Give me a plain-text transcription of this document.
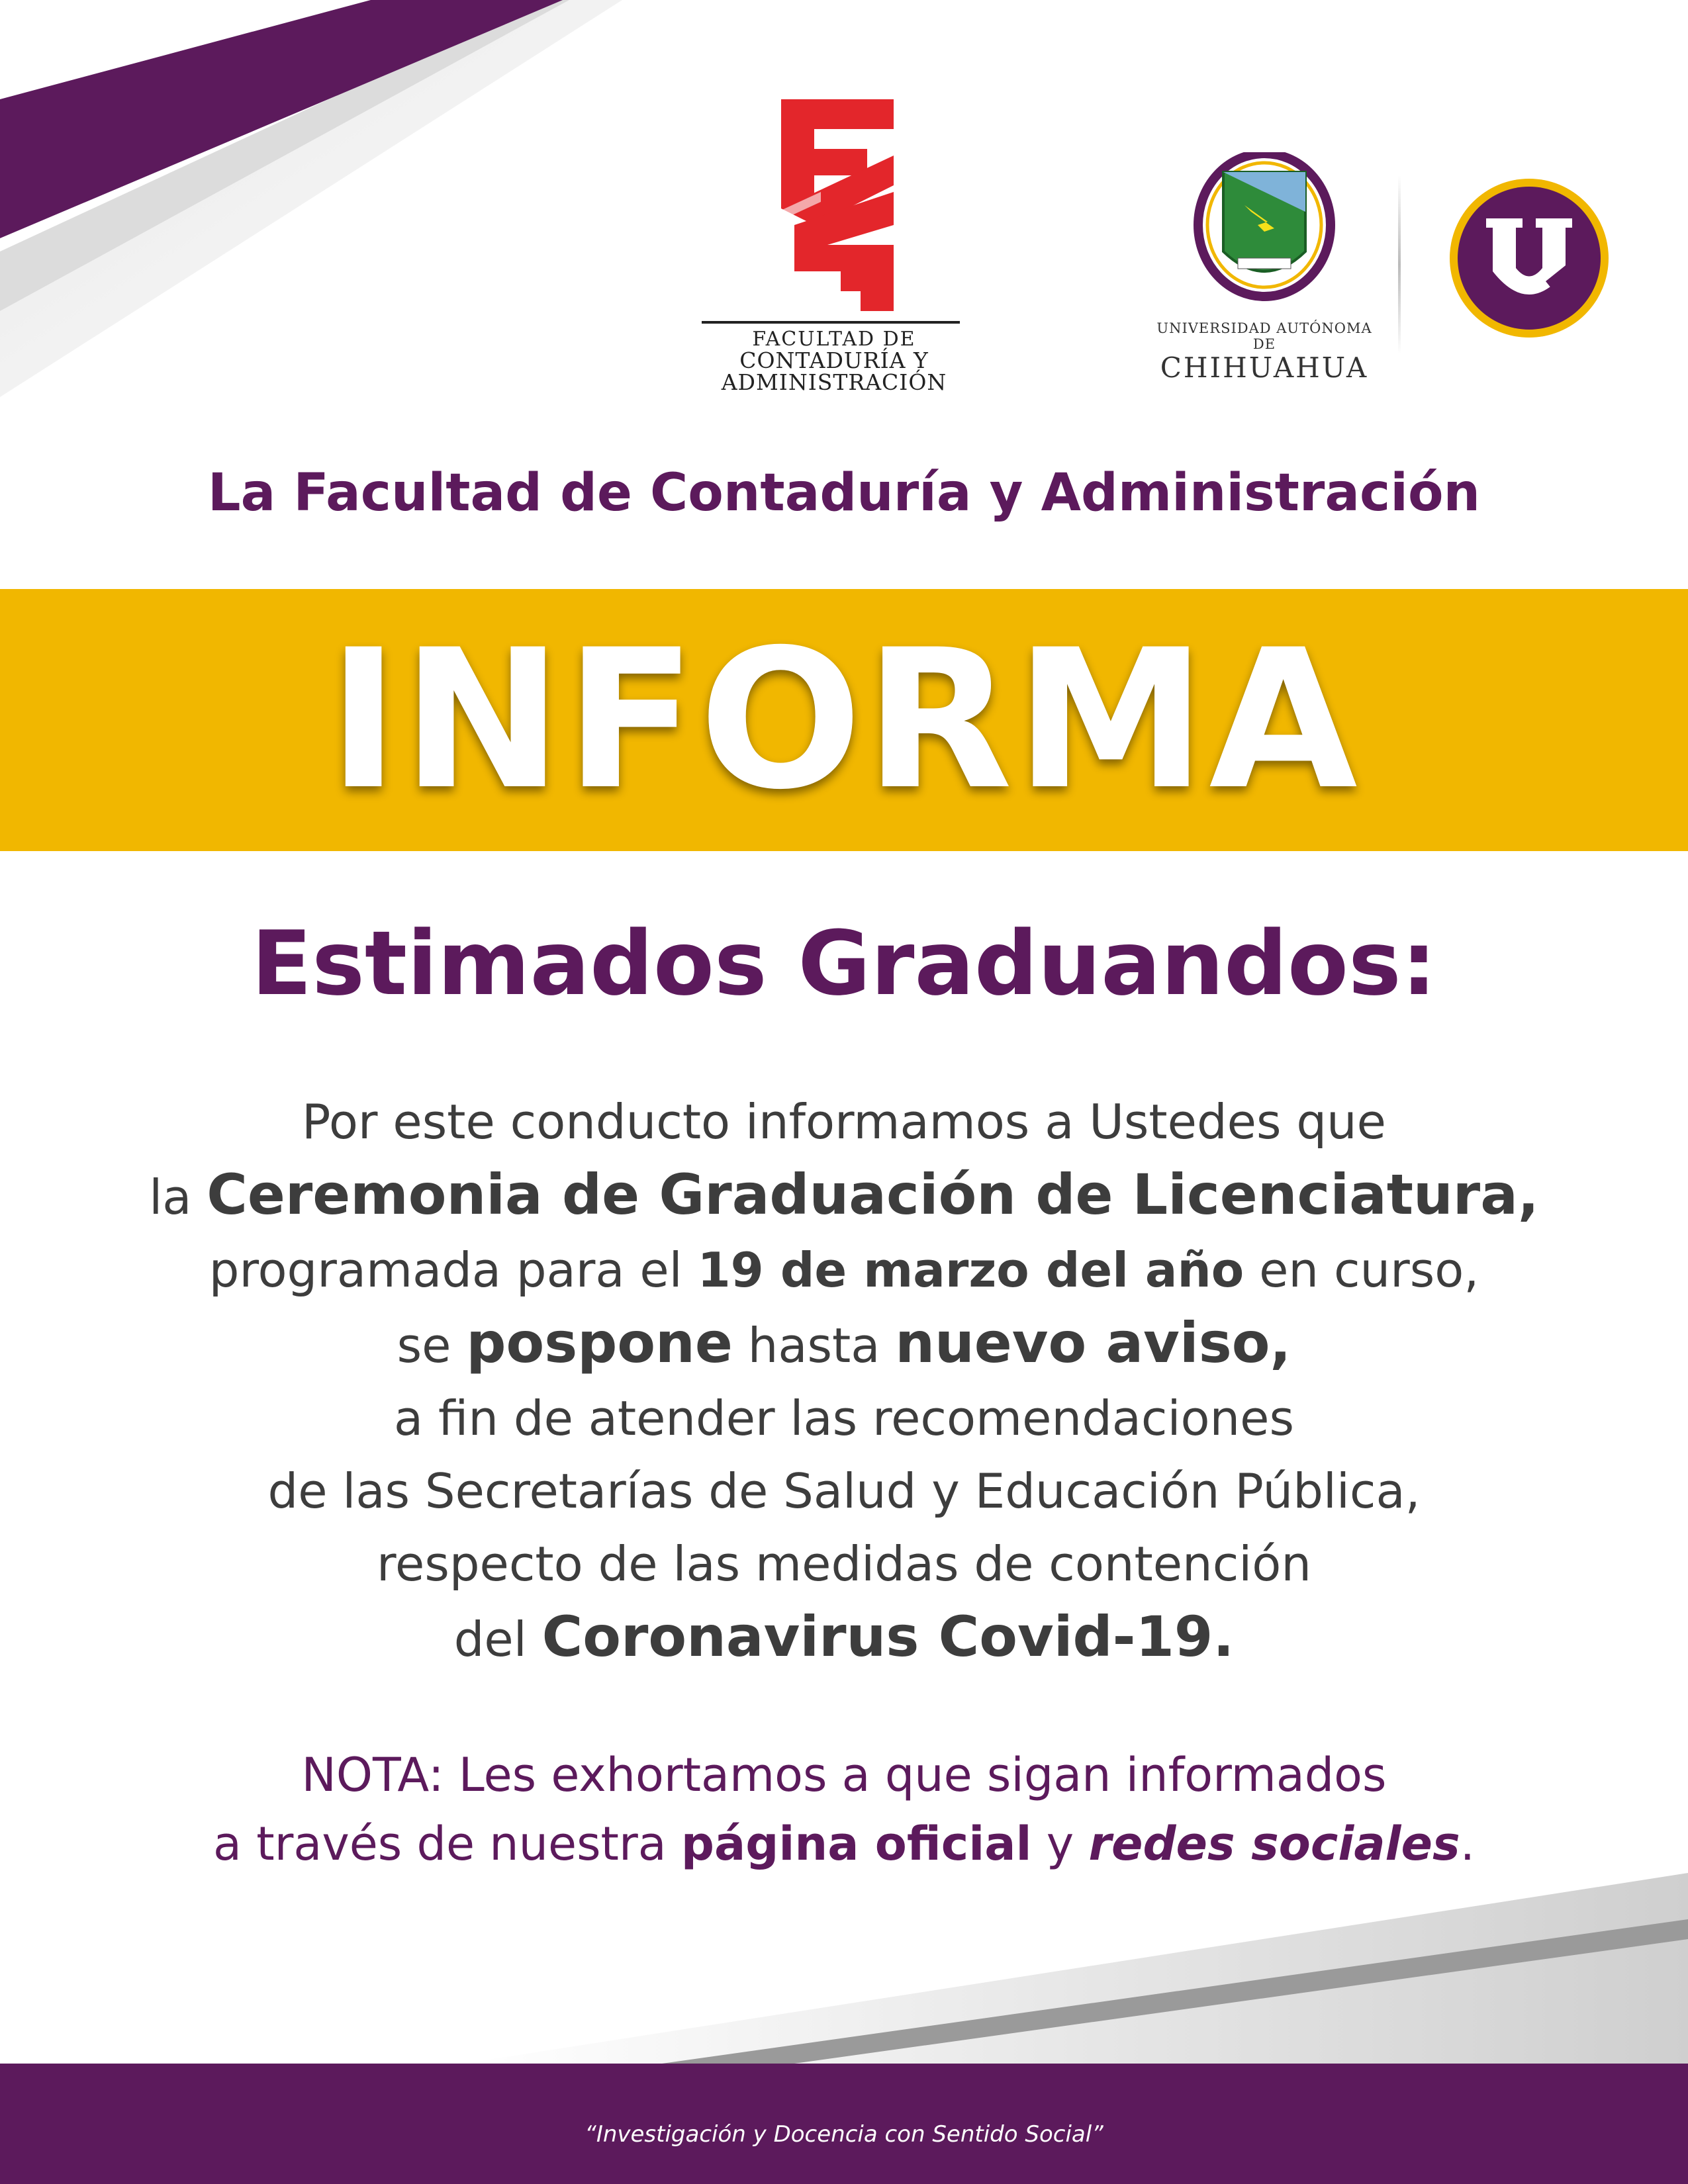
FACULTAD DE
CONTADURÍA Y
ADMINISTRACIÓN
UNIVERSIDAD AUTÓNOMA DE
CHIHUAHUA
La Facultad de Contaduría y Administración
INFORMA
Estimados Graduandos:
Por este conducto informamos a Ustedes que
la Ceremonia de Graduación de Licenciatura,
programada para el 19 de marzo del año en curso,
se pospone hasta nuevo aviso,
a fin de atender las recomendaciones
de las Secretarías de Salud y Educación Pública,
respecto de las medidas de contención
del Coronavirus Covid-19.
NOTA: Les exhortamos a que sigan informados
a través de nuestra página oficial y redes sociales.
“Investigación y Docencia con Sentido Social”
